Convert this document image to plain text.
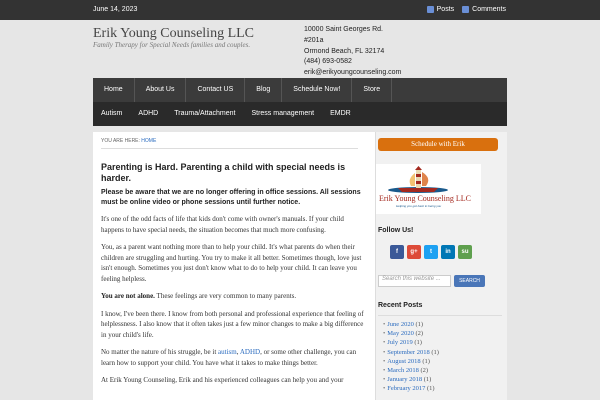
June 14, 2023	Posts	Comments
Erik Young Counseling LLC
Family Therapy for Special Needs families and couples.
10000 Saint Georges Rd.
#201a
Ormond Beach, FL 32174
(484) 693-0582
erik@erikyoungcounseling.com
Home	About Us	Contact US	Blog	Schedule Now!	Store
Autism	ADHD	Trauma/Attachment	Stress management	EMDR
YOU ARE HERE: HOME
Parenting is Hard. Parenting a child with special needs is harder.
Please be aware that we are no longer offering in office sessions. All sessions must be online video or phone sessions until further notice.

It's one of the odd facts of life that kids don't come with owner's manuals. If your child happens to have special needs, the situation becomes that much more confusing.

You, as a parent want nothing more than to help your child. It's what parents do when their children are struggling and hurting. You try to make it all better. Sometimes though, love just isn't enough. Sometimes you just don't know what to do to help your child. It can leave you feeling helpless.

You are not alone. These feelings are very common to many parents.

I know, I've been there. I know from both personal and professional experience that feeling of helplessness. I also know that it often takes just a few minor changes to make a big difference in your child's life.

No matter the nature of his struggle, be it autism, ADHD, or some other challenge, you can learn how to support your child. You have what it takes to make things better.

At Erik Young Counseling, Erik and his experienced colleagues can help you and your

Schedule with Erik
Erik Young Counseling LLC
Helping you get back to being you
Follow Us!
f	g+	t	in	su
Search this website ...	SEARCH
Recent Posts
• June 2020 (1)
• May 2020 (2)
• July 2019 (1)
• September 2018 (1)
• August 2018 (1)
• March 2018 (2)
• January 2018 (1)
• February 2017 (1)
